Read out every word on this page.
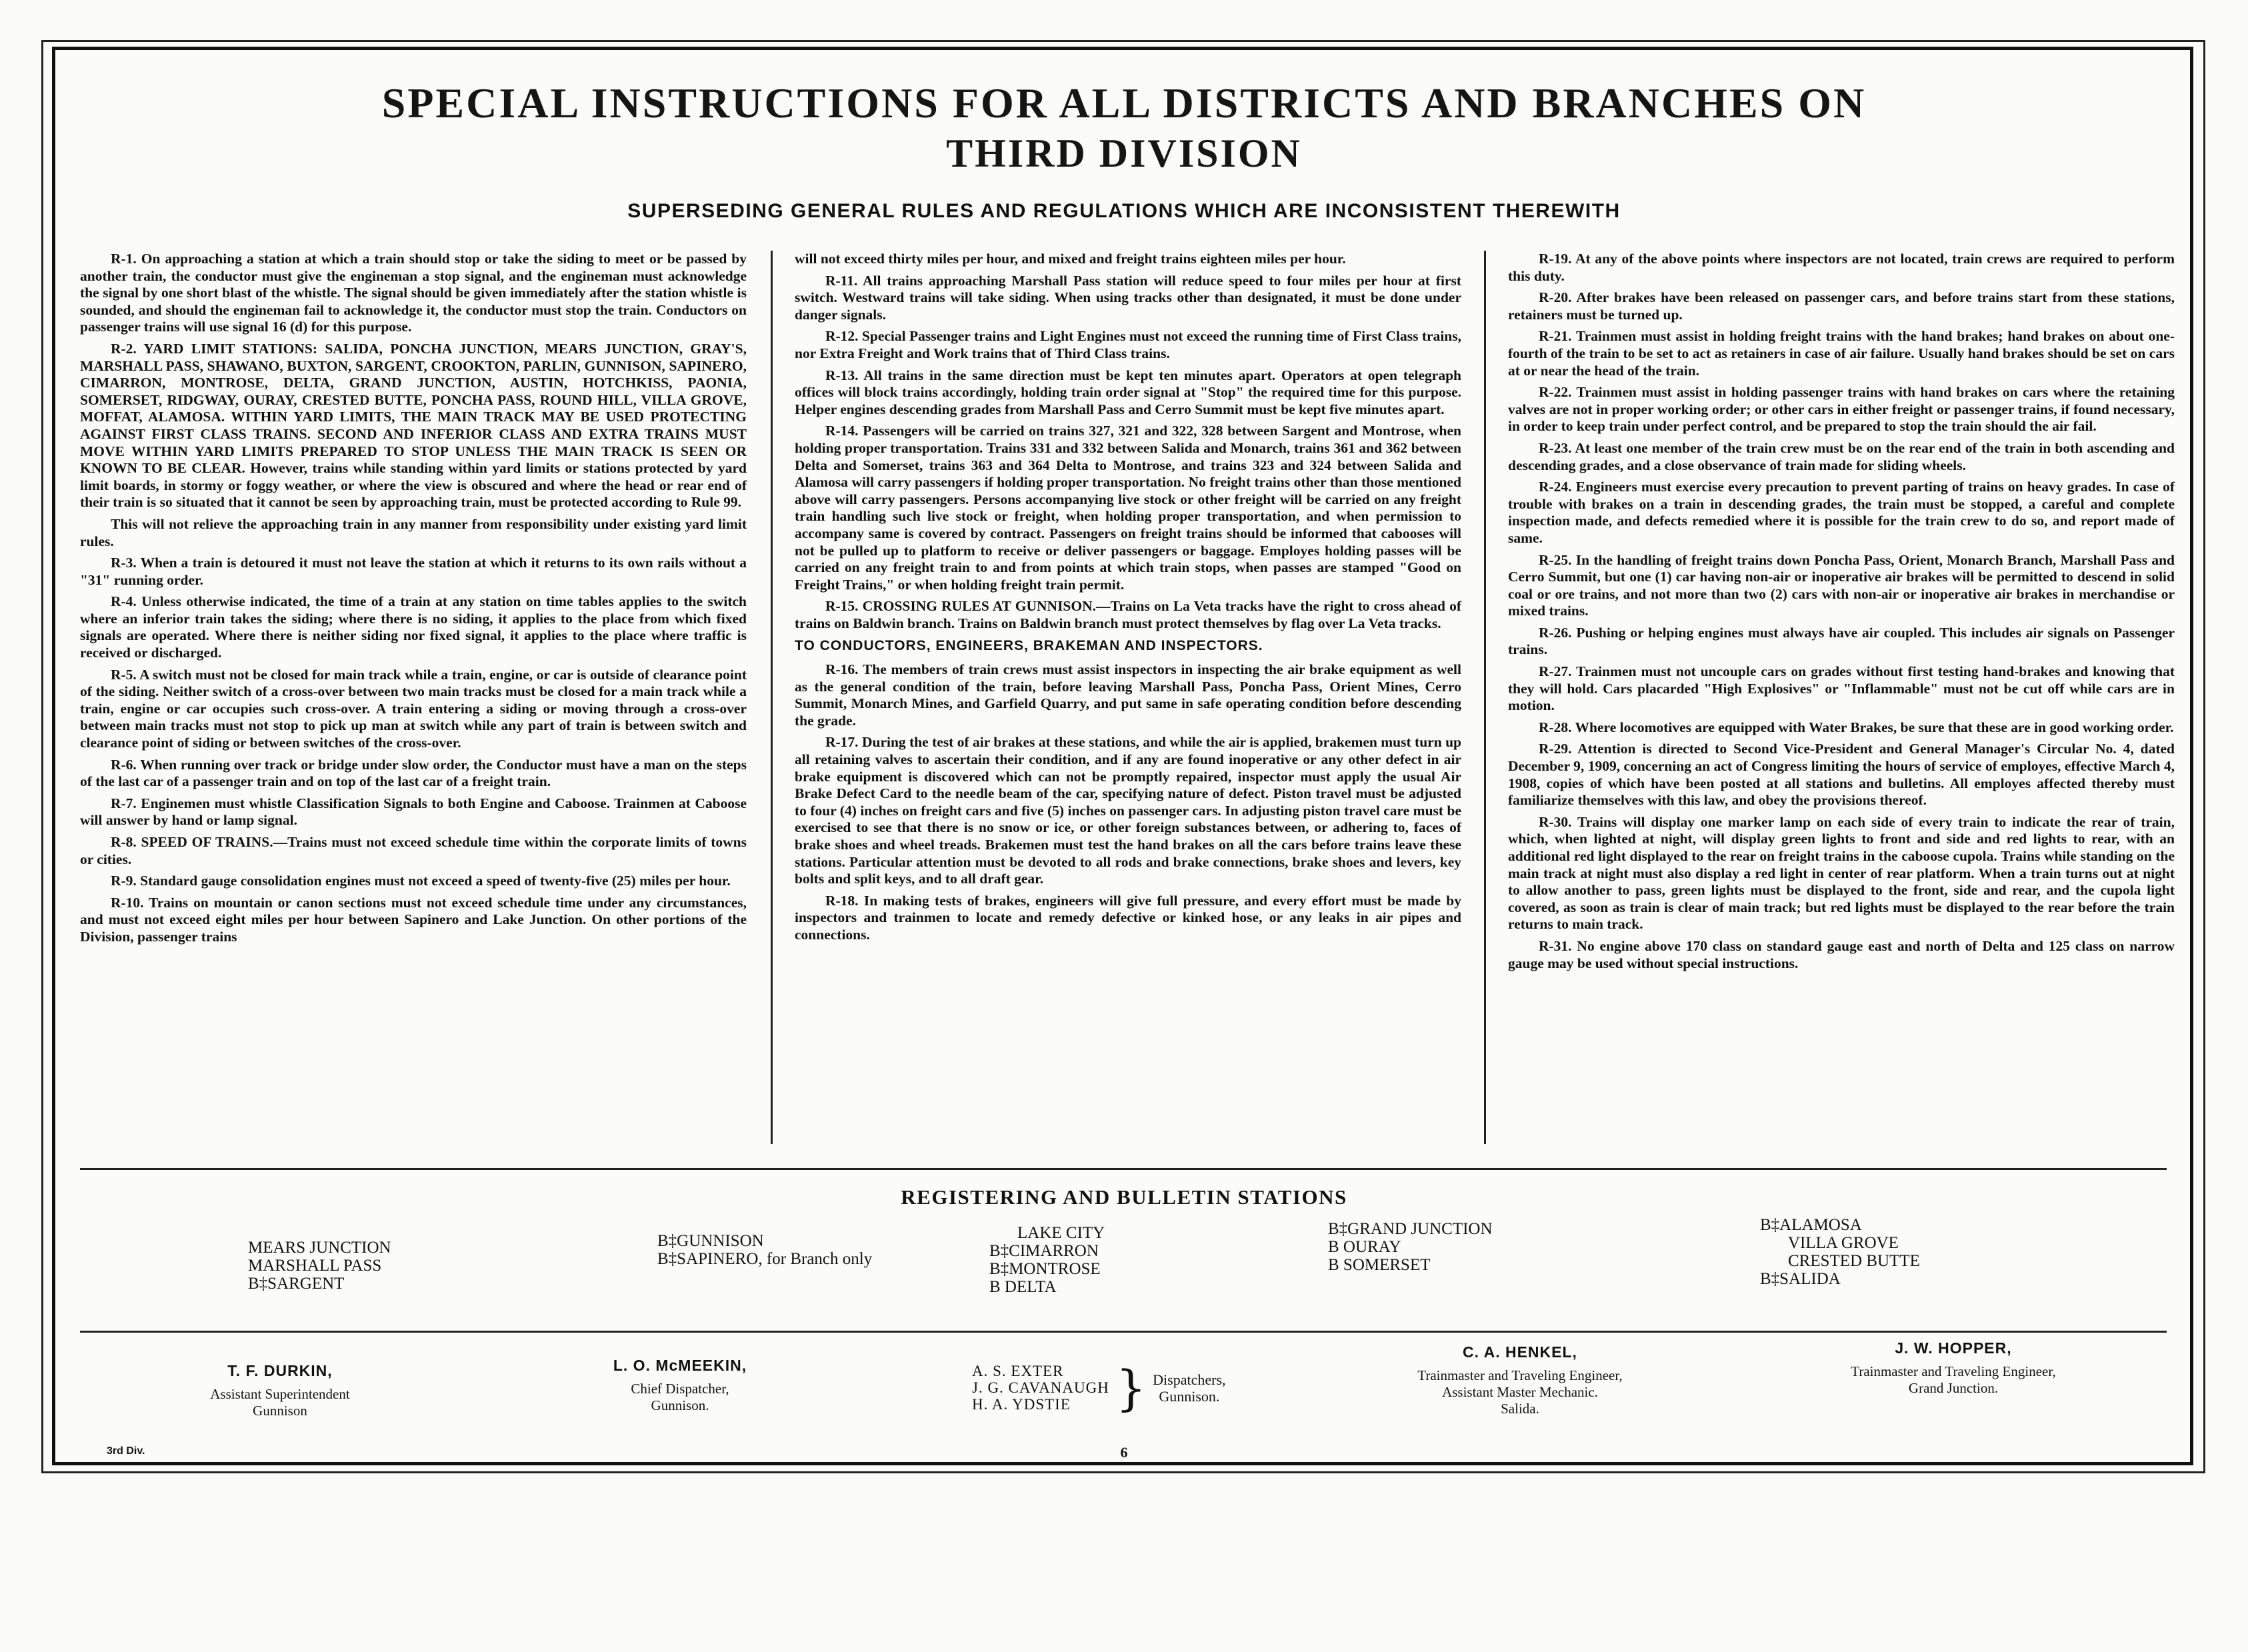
SPECIAL INSTRUCTIONS FOR ALL DISTRICTS AND BRANCHES ON
THIRD DIVISION
SUPERSEDING GENERAL RULES AND REGULATIONS WHICH ARE INCONSISTENT THEREWITH

R-1. On approaching a station at which a train should stop or take the siding to meet or be passed by another train, the conductor must give the engineman a stop signal, and the engineman must acknowledge the signal by one short blast of the whistle. The signal should be given immediately after the station whistle is sounded, and should the engineman fail to acknowledge it, the conductor must stop the train. Conductors on passenger trains will use signal 16 (d) for this purpose.

R-2. YARD LIMIT STATIONS: SALIDA, PONCHA JUNCTION, MEARS JUNCTION, GRAY'S, MARSHALL PASS, SHAWANO, BUXTON, SARGENT, CROOKTON, PARLIN, GUNNISON, SAPINERO, CIMARRON, MONTROSE, DELTA, GRAND JUNCTION, AUSTIN, HOTCHKISS, PAONIA, SOMERSET, RIDGWAY, OURAY, CRESTED BUTTE, PONCHA PASS, ROUND HILL, VILLA GROVE, MOFFAT, ALAMOSA. WITHIN YARD LIMITS, THE MAIN TRACK MAY BE USED PROTECTING AGAINST FIRST CLASS TRAINS. SECOND AND INFERIOR CLASS AND EXTRA TRAINS MUST MOVE WITHIN YARD LIMITS PREPARED TO STOP UNLESS THE MAIN TRACK IS SEEN OR KNOWN TO BE CLEAR. However, trains while standing within yard limits or stations protected by yard limit boards, in stormy or foggy weather, or where the view is obscured and where the head or rear end of their train is so situated that it cannot be seen by approaching train, must be protected according to Rule 99.

This will not relieve the approaching train in any manner from responsibility under existing yard limit rules.

R-3. When a train is detoured it must not leave the station at which it returns to its own rails without a "31" running order.

R-4. Unless otherwise indicated, the time of a train at any station on time tables applies to the switch where an inferior train takes the siding; where there is no siding, it applies to the place from which fixed signals are operated. Where there is neither siding nor fixed signal, it applies to the place where traffic is received or discharged.

R-5. A switch must not be closed for main track while a train, engine, or car is outside of clearance point of the siding. Neither switch of a cross-over between two main tracks must be closed for a main track while a train, engine or car occupies such cross-over. A train entering a siding or moving through a cross-over between main tracks must not stop to pick up man at switch while any part of train is between switch and clearance point of siding or between switches of the cross-over.

R-6. When running over track or bridge under slow order, the Conductor must have a man on the steps of the last car of a passenger train and on top of the last car of a freight train.

R-7. Enginemen must whistle Classification Signals to both Engine and Caboose. Trainmen at Caboose will answer by hand or lamp signal.

R-8. SPEED OF TRAINS.—Trains must not exceed schedule time within the corporate limits of towns or cities.

R-9. Standard gauge consolidation engines must not exceed a speed of twenty-five (25) miles per hour.

R-10. Trains on mountain or canon sections must not exceed schedule time under any circumstances, and must not exceed eight miles per hour between Sapinero and Lake Junction. On other portions of the Division, passenger trains

will not exceed thirty miles per hour, and mixed and freight trains eighteen miles per hour.

R-11. All trains approaching Marshall Pass station will reduce speed to four miles per hour at first switch. Westward trains will take siding. When using tracks other than designated, it must be done under danger signals.

R-12. Special Passenger trains and Light Engines must not exceed the running time of First Class trains, nor Extra Freight and Work trains that of Third Class trains.

R-13. All trains in the same direction must be kept ten minutes apart. Operators at open telegraph offices will block trains accordingly, holding train order signal at "Stop" the required time for this purpose. Helper engines descending grades from Marshall Pass and Cerro Summit must be kept five minutes apart.

R-14. Passengers will be carried on trains 327, 321 and 322, 328 between Sargent and Montrose, when holding proper transportation. Trains 331 and 332 between Salida and Monarch, trains 361 and 362 between Delta and Somerset, trains 363 and 364 Delta to Montrose, and trains 323 and 324 between Salida and Alamosa will carry passengers if holding proper transportation. No freight trains other than those mentioned above will carry passengers. Persons accompanying live stock or other freight will be carried on any freight train handling such live stock or freight, when holding proper transportation, and when permission to accompany same is covered by contract. Passengers on freight trains should be informed that cabooses will not be pulled up to platform to receive or deliver passengers or baggage. Employes holding passes will be carried on any freight train to and from points at which train stops, when passes are stamped "Good on Freight Trains," or when holding freight train permit.

R-15. CROSSING RULES AT GUNNISON.—Trains on La Veta tracks have the right to cross ahead of trains on Baldwin branch. Trains on Baldwin branch must protect themselves by flag over La Veta tracks.

TO CONDUCTORS, ENGINEERS, BRAKEMAN AND INSPECTORS.

R-16. The members of train crews must assist inspectors in inspecting the air brake equipment as well as the general condition of the train, before leaving Marshall Pass, Poncha Pass, Orient Mines, Cerro Summit, Monarch Mines, and Garfield Quarry, and put same in safe operating condition before descending the grade.

R-17. During the test of air brakes at these stations, and while the air is applied, brakemen must turn up all retaining valves to ascertain their condition, and if any are found inoperative or any other defect in air brake equipment is discovered which can not be promptly repaired, inspector must apply the usual Air Brake Defect Card to the needle beam of the car, specifying nature of defect. Piston travel must be adjusted to four (4) inches on freight cars and five (5) inches on passenger cars. In adjusting piston travel care must be exercised to see that there is no snow or ice, or other foreign substances between, or adhering to, faces of brake shoes and wheel treads. Brakemen must test the hand brakes on all the cars before trains leave these stations. Particular attention must be devoted to all rods and brake connections, brake shoes and levers, key bolts and split keys, and to all draft gear.

R-18. In making tests of brakes, engineers will give full pressure, and every effort must be made by inspectors and trainmen to locate and remedy defective or kinked hose, or any leaks in air pipes and connections.

R-19. At any of the above points where inspectors are not located, train crews are required to perform this duty.

R-20. After brakes have been released on passenger cars, and before trains start from these stations, retainers must be turned up.

R-21. Trainmen must assist in holding freight trains with the hand brakes; hand brakes on about one-fourth of the train to be set to act as retainers in case of air failure. Usually hand brakes should be set on cars at or near the head of the train.

R-22. Trainmen must assist in holding passenger trains with hand brakes on cars where the retaining valves are not in proper working order; or other cars in either freight or passenger trains, if found necessary, in order to keep train under perfect control, and be prepared to stop the train should the air fail.

R-23. At least one member of the train crew must be on the rear end of the train in both ascending and descending grades, and a close observance of train made for sliding wheels.

R-24. Engineers must exercise every precaution to prevent parting of trains on heavy grades. In case of trouble with brakes on a train in descending grades, the train must be stopped, a careful and complete inspection made, and defects remedied where it is possible for the train crew to do so, and report made of same.

R-25. In the handling of freight trains down Poncha Pass, Orient, Monarch Branch, Marshall Pass and Cerro Summit, but one (1) car having non-air or inoperative air brakes will be permitted to descend in solid coal or ore trains, and not more than two (2) cars with non-air or inoperative air brakes in merchandise or mixed trains.

R-26. Pushing or helping engines must always have air coupled. This includes air signals on Passenger trains.

R-27. Trainmen must not uncouple cars on grades without first testing hand-brakes and knowing that they will hold. Cars placarded "High Explosives" or "Inflammable" must not be cut off while cars are in motion.

R-28. Where locomotives are equipped with Water Brakes, be sure that these are in good working order.

R-29. Attention is directed to Second Vice-President and General Manager's Circular No. 4, dated December 9, 1909, concerning an act of Congress limiting the hours of service of employes, effective March 4, 1908, copies of which have been posted at all stations and bulletins. All employes affected thereby must familiarize themselves with this law, and obey the provisions thereof.

R-30. Trains will display one marker lamp on each side of every train to indicate the rear of train, which, when lighted at night, will display green lights to front and side and red lights to rear, with an additional red light displayed to the rear on freight trains in the caboose cupola. Trains while standing on the main track at night must also display a red light in center of rear platform. When a train turns out at night to allow another to pass, green lights must be displayed to the front, side and rear, and the cupola light covered, as soon as train is clear of main track; but red lights must be displayed to the rear before the train returns to main track.

R-31. No engine above 170 class on standard gauge east and north of Delta and 125 class on narrow gauge may be used without special instructions.

REGISTERING AND BULLETIN STATIONS
MEARS JUNCTION
MARSHALL PASS
B‡SARGENT
B‡GUNNISON
B‡SAPINERO, for Branch only
LAKE CITY
B‡CIMARRON
B‡MONTROSE
B DELTA
B‡GRAND JUNCTION
B OURAY
B SOMERSET
B‡ALAMOSA
VILLA GROVE
CRESTED BUTTE
B‡SALIDA
T. F. DURKIN,
Assistant Superintendent
Gunnison
L. O. McMEEKIN,
Chief Dispatcher,
Gunnison.
A. S. EXTER
J. G. CAVANAUGH
H. A. YDSTIE } Dispatchers,
Gunnison.
C. A. HENKEL,
Trainmaster and Traveling Engineer,
Assistant Master Mechanic.
Salida.
J. W. HOPPER,
Trainmaster and Traveling Engineer,
Grand Junction.
3rd Div.	6
